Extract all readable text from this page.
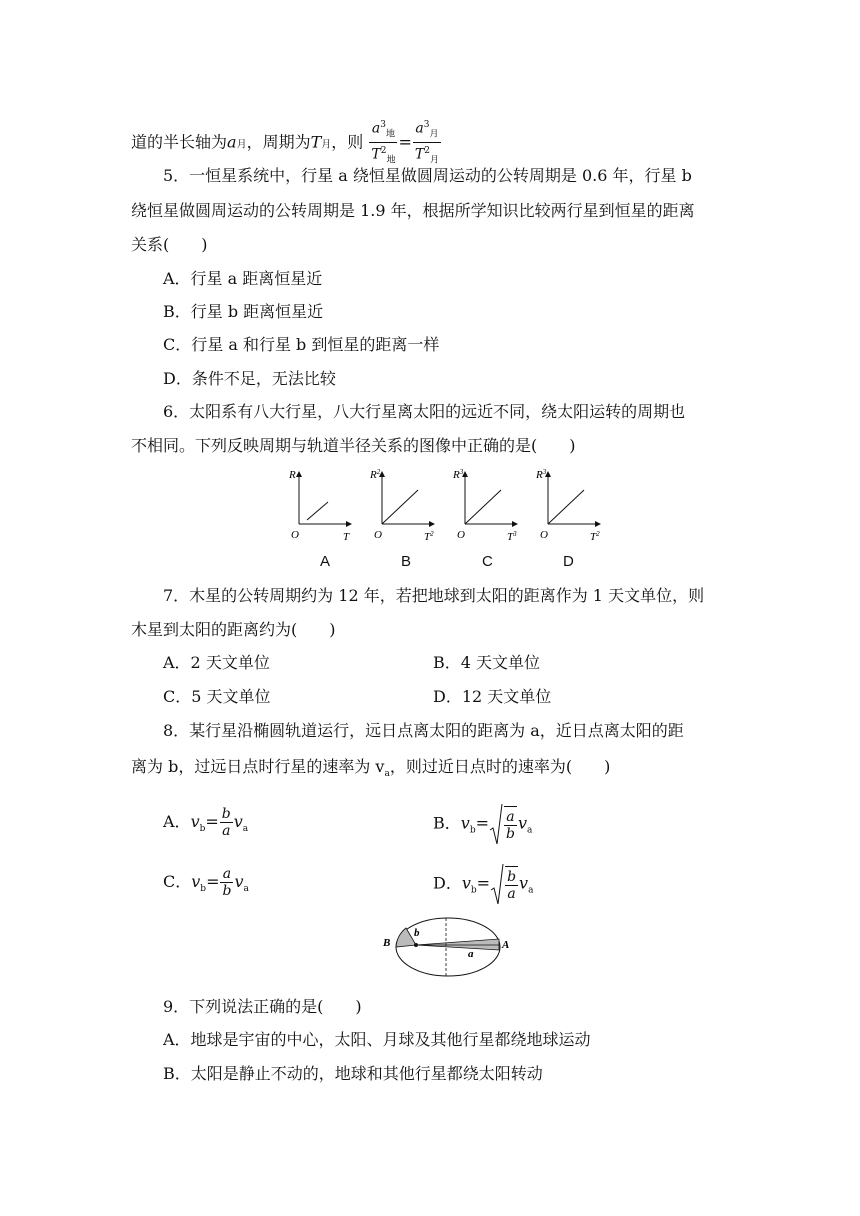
道的半长轴为a月，周期为T月，则 $\frac{a^3_地}{T^2_地} = \frac{a^3_月}{T^2_月}$
5．一恒星系统中，行星 a 绕恒星做圆周运动的公转周期是 0.6 年，行星 b
绕恒星做圆周运动的公转周期是 1.9 年，根据所学知识比较两行星到恒星的距离
关系(　　)
A．行星 a 距离恒星近
B．行星 b 距离恒星近
C．行星 a 和行星 b 到恒星的距离一样
D．条件不足，无法比较
6．太阳系有八大行星，八大行星离太阳的远近不同，绕太阳运转的周期也
不相同。下列反映周期与轨道半径关系的图像中正确的是(　　)
R
T
O
$R^2$
$T^2$
O
$R^3$
$T^3$
O
$R^3$
$T^2$
O
A	B	C	D
7．木星的公转周期约为 12 年，若把地球到太阳的距离作为 1 天文单位，则
木星到太阳的距离约为(　　)
A．2 天文单位	B．4 天文单位
C．5 天文单位	D．12 天文单位
8．某行星沿椭圆轨道运行，远日点离太阳的距离为 a，近日点离太阳的距
离为 b，过远日点时行星的速率为 $v_a$，则过近日点时的速率为(　　)
A．$v_b= \frac{b}{a} v_a$	B．$v_b= \frac{a}{b} v_a$
C．$v_b= \frac{a}{b} v_a$	D．$v_b= \frac{b}{a} v_a$
B	A
b
a
9．下列说法正确的是(　　)
A．地球是宇宙的中心，太阳、月球及其他行星都绕地球运动
B．太阳是静止不动的，地球和其他行星都绕太阳转动
